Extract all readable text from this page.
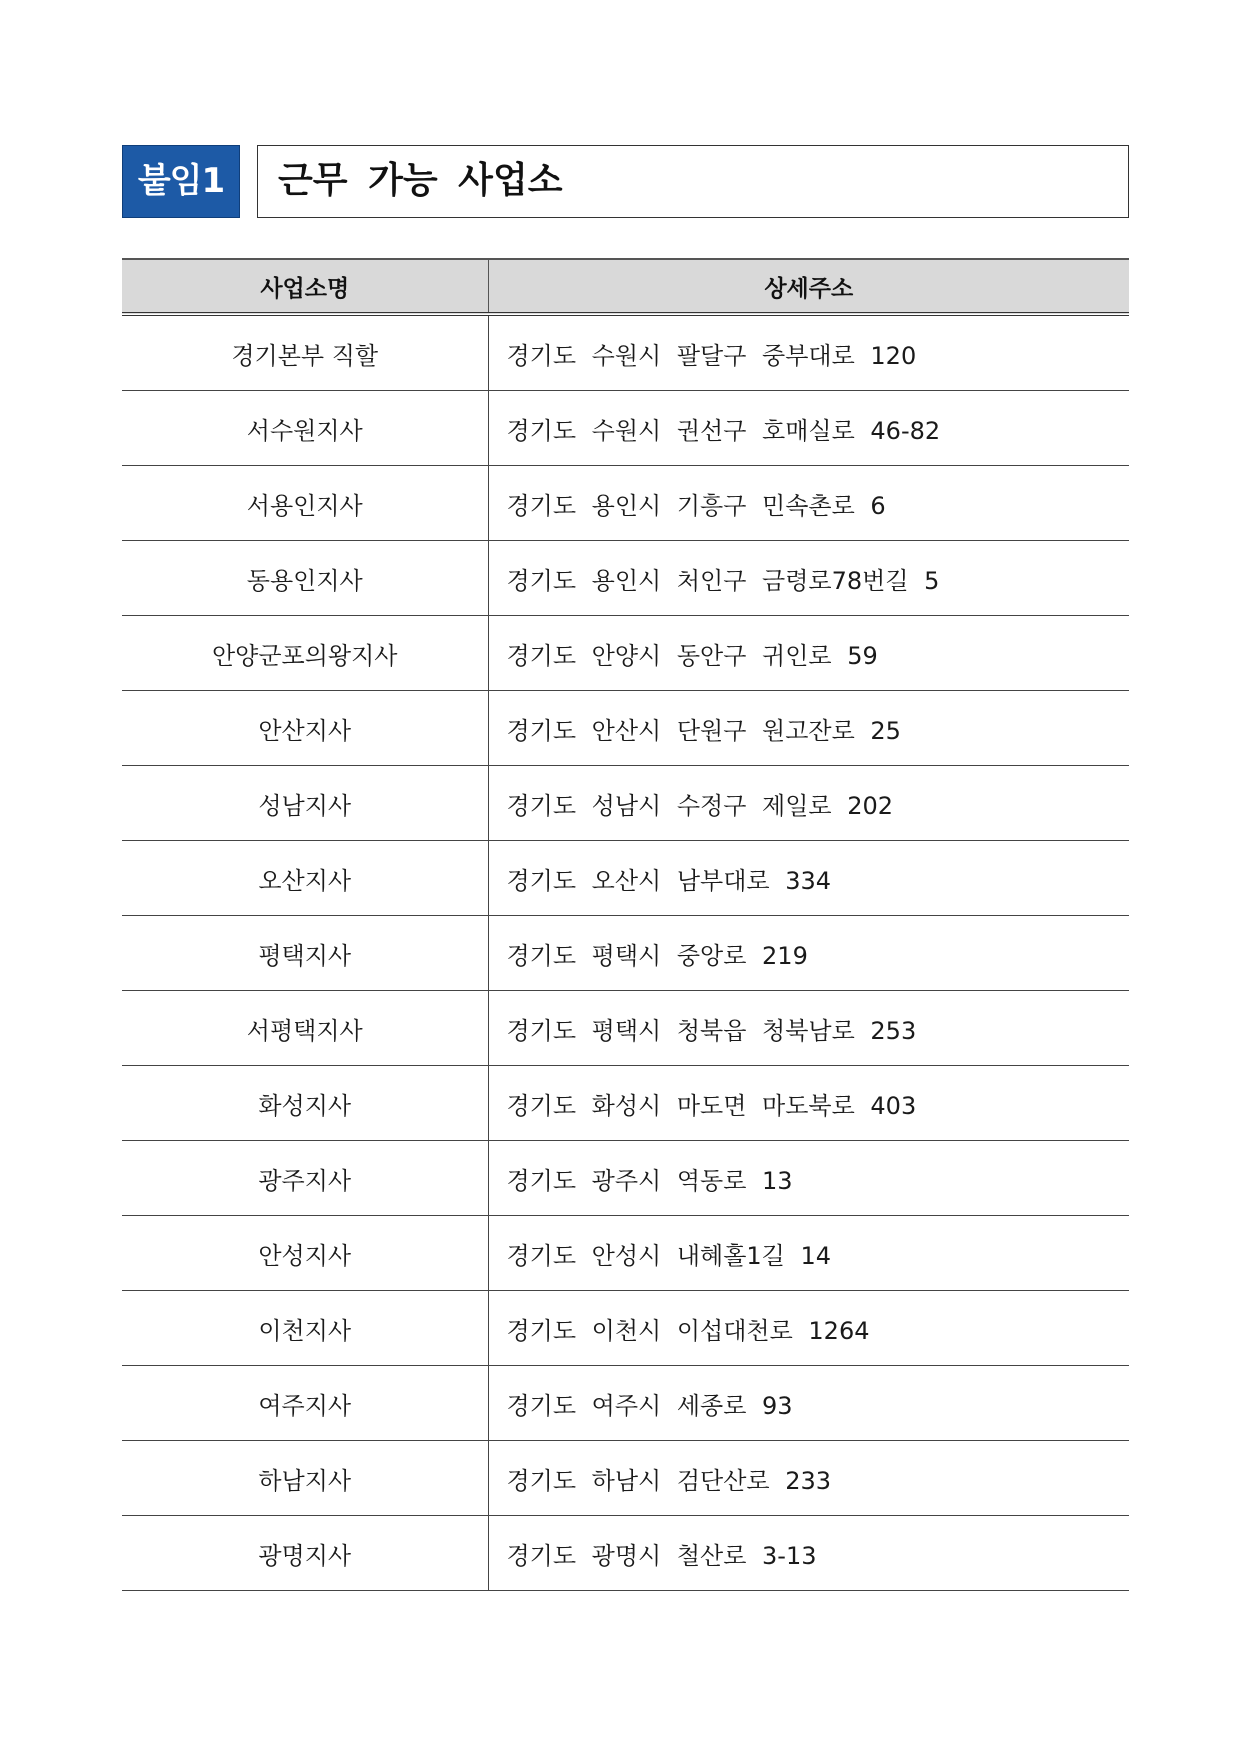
붙임1	근무 가능 사업소
사업소명	상세주소
경기본부 직할	경기도 수원시 팔달구 중부대로 120
서수원지사	경기도 수원시 권선구 호매실로 46-82
서용인지사	경기도 용인시 기흥구 민속촌로 6
동용인지사	경기도 용인시 처인구 금령로78번길 5
안양군포의왕지사	경기도 안양시 동안구 귀인로 59
안산지사	경기도 안산시 단원구 원고잔로 25
성남지사	경기도 성남시 수정구 제일로 202
오산지사	경기도 오산시 남부대로 334
평택지사	경기도 평택시 중앙로 219
서평택지사	경기도 평택시 청북읍 청북남로 253
화성지사	경기도 화성시 마도면 마도북로 403
광주지사	경기도 광주시 역동로 13
안성지사	경기도 안성시 내혜홀1길 14
이천지사	경기도 이천시 이섭대천로 1264
여주지사	경기도 여주시 세종로 93
하남지사	경기도 하남시 검단산로 233
광명지사	경기도 광명시 철산로 3-13
